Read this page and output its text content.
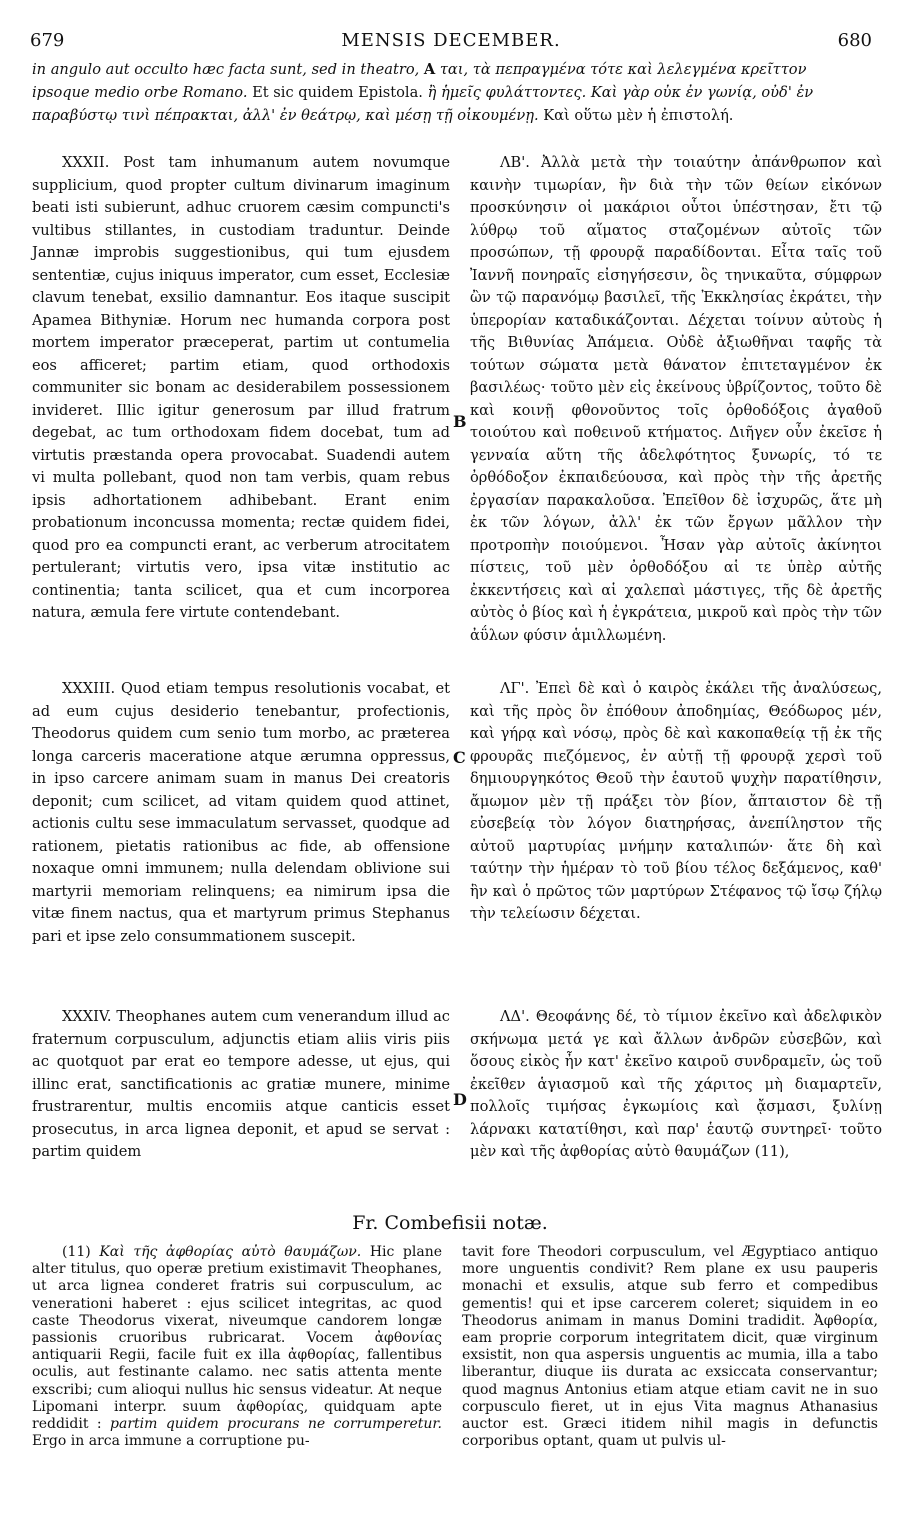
679	MENSIS DECEMBER.	680

in angulo aut occulto hæc facta sunt, sed in theatro, A ται, τὰ πεπραγμένα τότε καὶ λελεγμένα κρεῖττον

ipsoque medio orbe Romano. Et sic quidem Epistola. ἢ ἡμεῖς φυλάττοντες. Καὶ γὰρ οὐκ ἐν γωνίᾳ, οὐδ' ἐν παραβύστῳ τινὶ πέπρακται, ἀλλ' ἐν θεάτρῳ, καὶ μέσῃ τῇ οἰκουμένῃ. Καὶ οὕτω μὲν ἡ ἐπιστολή.

XXXII. Post tam inhumanum autem novumque supplicium, quod propter cultum divinarum imaginum beati isti subierunt, adhuc cruorem cæsim compuncti's vultibus stillantes, in custodiam traduntur. Deinde Jannæ improbis suggestionibus, qui tum ejusdem sententiæ, cujus iniquus imperator, cum esset, Ecclesiæ clavum tenebat, exsilio damnantur. Eos itaque suscipit Apamea Bithyniæ. Horum nec humanda corpora post mortem imperator præceperat, partim ut contumelia eos afficeret; partim etiam, quod orthodoxis communiter sic bonam ac desiderabilem possessionem invideret. Illic igitur generosum par illud fratrum degebat, ac tum orthodoxam fidem docebat, tum ad virtutis præstanda opera provocabat. Suadendi autem vi multa pollebant, quod non tam verbis, quam rebus ipsis adhortationem adhibebant. Erant enim probationum inconcussa momenta; rectæ quidem fidei, quod pro ea compuncti erant, ac verberum atrocitatem pertulerant; virtutis vero, ipsa vitæ institutio ac continentia; tanta scilicet, qua et cum incorporea natura, æmula fere virtute contendebant.

ΛΒ'. Ἀλλὰ μετὰ τὴν τοιαύτην ἀπάνθρωπον καὶ καινὴν τιμωρίαν, ἣν διὰ τὴν τῶν θείων εἰκόνων προσκύνησιν οἱ μακάριοι οὗτοι ὑπέστησαν, ἔτι τῷ λύθρῳ τοῦ αἵματος σταζομένων αὐτοῖς τῶν προσώπων, τῇ φρουρᾷ παραδίδονται. Εἶτα ταῖς τοῦ Ἰαννῆ πονηραῖς εἰσηγήσεσιν, ὃς τηνικαῦτα, σύμφρων ὢν τῷ παρανόμῳ βασιλεῖ, τῆς Ἐκκλησίας ἐκράτει, τὴν ὑπερορίαν καταδικάζονται. Δέχεται τοίνυν αὐτοὺς ἡ τῆς Βιθυνίας Ἀπάμεια. Οὐδὲ ἀξιωθῆναι ταφῆς τὰ τούτων σώματα μετὰ θάνατον ἐπιτεταγμένον ἐκ βασιλέως· τοῦτο μὲν εἰς ἐκείνους ὑβρίζοντος, τοῦτο δὲ καὶ κοινῇ φθονοῦντος τοῖς ὀρθοδόξοις ἀγαθοῦ τοιούτου καὶ ποθεινοῦ κτήματος. Διῆγεν οὖν ἐκεῖσε ἡ γενναία αὕτη τῆς ἀδελφότητος ξυνωρίς, τό τε ὀρθόδοξον ἐκπαιδεύουσα, καὶ πρὸς τὴν τῆς ἀρετῆς ἐργασίαν παρακαλοῦσα. Ἐπεῖθον δὲ ἰσχυρῶς, ἅτε μὴ ἐκ τῶν λόγων, ἀλλ' ἐκ τῶν ἔργων μᾶλλον τὴν προτροπὴν ποιούμενοι. Ἦσαν γὰρ αὐτοῖς ἀκίνητοι πίστεις, τοῦ μὲν ὀρθοδόξου αἱ τε ὑπὲρ αὐτῆς ἐκκεντήσεις καὶ αἱ χαλεπαὶ μάστιγες, τῆς δὲ ἀρετῆς αὐτὸς ὁ βίος καὶ ἡ ἐγκράτεια, μικροῦ καὶ πρὸς τὴν τῶν ἀΰλων φύσιν ἁμιλλωμένη.

B

XXXIII. Quod etiam tempus resolutionis vocabat, et ad eum cujus desiderio tenebantur, profectionis, Theodorus quidem cum senio tum morbo, ac præterea longa carceris maceratione atque ærumna oppressus, in ipso carcere animam suam in manus Dei creatoris deponit; cum scilicet, ad vitam quidem quod attinet, actionis cultu sese immaculatum servasset, quodque ad rationem, pietatis rationibus ac fide, ab offensione noxaque omni immunem; nulla delendam oblivione sui martyrii memoriam relinquens; ea nimirum ipsa die vitæ finem nactus, qua et martyrum primus Stephanus pari et ipse zelo consummationem suscepit.

ΛΓ'. Ἐπεὶ δὲ καὶ ὁ καιρὸς ἐκάλει τῆς ἀναλύσεως, καὶ τῆς πρὸς ὃν ἐπόθουν ἀποδημίας, Θεόδωρος μέν, καὶ γήρᾳ καὶ νόσῳ, πρὸς δὲ καὶ κακοπαθείᾳ τῇ ἐκ τῆς φρουρᾶς πιεζόμενος, ἐν αὐτῇ τῇ φρουρᾷ χερσὶ τοῦ δημιουργηκότος Θεοῦ τὴν ἑαυτοῦ ψυχὴν παρατίθησιν, ἄμωμον μὲν τῇ πράξει τὸν βίον, ἄπταιστον δὲ τῇ εὐσεβείᾳ τὸν λόγον διατηρήσας, ἀνεπίληστον τῆς αὐτοῦ μαρτυρίας μνήμην καταλιπών· ἅτε δὴ καὶ ταύτην τὴν ἡμέραν τὸ τοῦ βίου τέλος δεξάμενος, καθ' ἣν καὶ ὁ πρῶτος τῶν μαρτύρων Στέφανος τῷ ἴσῳ ζήλῳ τὴν τελείωσιν δέχεται.

C

XXXIV. Theophanes autem cum venerandum illud ac fraternum corpusculum, adjunctis etiam aliis viris piis ac quotquot par erat eo tempore adesse, ut ejus, qui illinc erat, sanctificationis ac gratiæ munere, minime frustrarentur, multis encomiis atque canticis esset prosecutus, in arca lignea deponit, et apud se servat : partim quidem

ΛΔ'. Θεοφάνης δέ, τὸ τίμιον ἐκεῖνο καὶ ἀδελφικὸν σκήνωμα μετά γε καὶ ἄλλων ἀνδρῶν εὐσεβῶν, καὶ ὅσους εἰκὸς ἦν κατ' ἐκεῖνο καιροῦ συνδραμεῖν, ὡς τοῦ ἐκεῖθεν ἁγιασμοῦ καὶ τῆς χάριτος μὴ διαμαρτεῖν, πολλοῖς τιμήσας ἐγκωμίοις καὶ ᾄσμασι, ξυλίνῃ λάρνακι κατατίθησι, καὶ παρ' ἑαυτῷ συντηρεῖ· τοῦτο μὲν καὶ τῆς ἀφθορίας αὐτὸ θαυμάζων (11),

D
Fr. Combefisii notæ.

(11) Καὶ τῆς ἀφθορίας αὐτὸ θαυμάζων. Hic plane alter titulus, quo operæ pretium existimavit Theophanes, ut arca lignea conderet fratris sui corpusculum, ac venerationi haberet : ejus scilicet integritas, ac quod caste Theodorus vixerat, niveumque candorem longæ passionis cruoribus rubricarat. Vocem ἀφθονίας antiquarii Regii, facile fuit ex illa ἀφθορίας, fallentibus oculis, aut festinante calamo. nec satis attenta mente exscribi; cum alioqui nullus hic sensus videatur. At neque Lipomani interpr. suum ἀφθορίας, quidquam apte reddidit : partim quidem procurans ne corrumperetur. Ergo in arca immune a corruptione pu-

tavit fore Theodori corpusculum, vel Ægyptiaco antiquo more unguentis condivit? Rem plane ex usu pauperis monachi et exsulis, atque sub ferro et compedibus gementis! qui et ipse carcerem coleret; siquidem in eo Theodorus animam in manus Domini tradidit. Ἀφθορία, eam proprie corporum integritatem dicit, quæ virginum exsistit, non qua aspersis unguentis ac mumia, illa a tabo liberantur, diuque iis durata ac exsiccata conservantur; quod magnus Antonius etiam atque etiam cavit ne in suo corpusculo fieret, ut in ejus Vita magnus Athanasius auctor est. Græci itidem nihil magis in defunctis corporibus optant, quam ut pulvis ul-
